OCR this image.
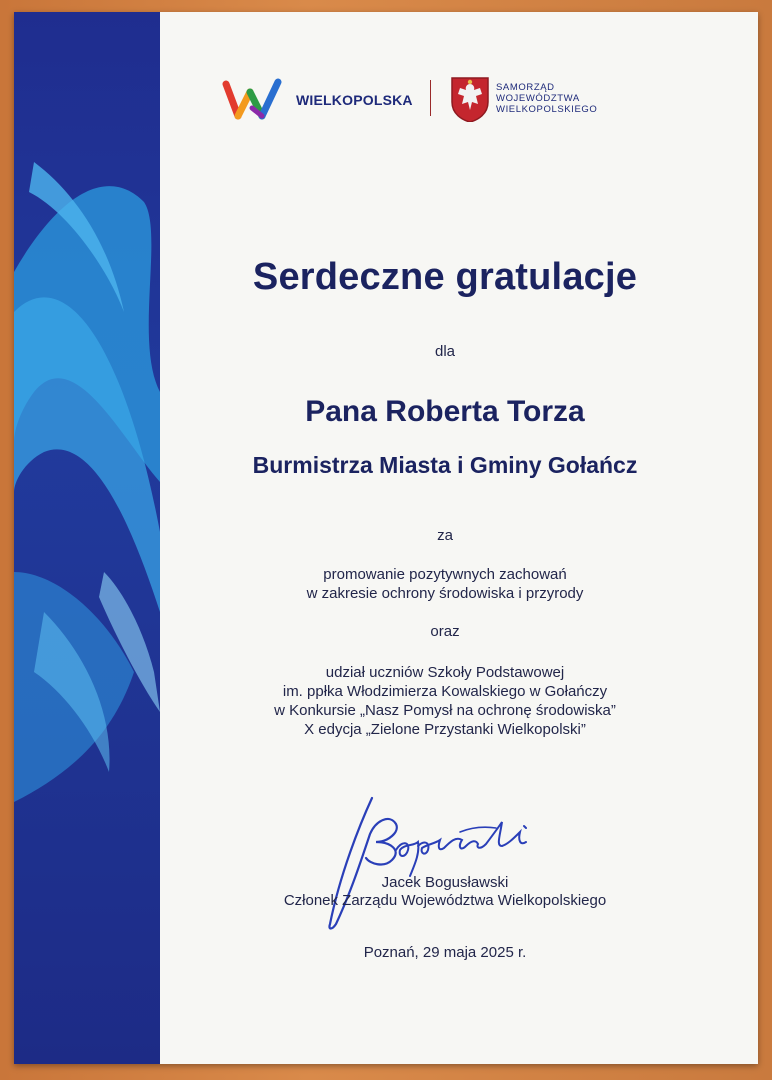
WIELKOPOLSKA
SAMORZĄD
WOJEWÓDZTWA
WIELKOPOLSKIEGO
Serdeczne gratulacje
dla
Pana Roberta Torza
Burmistrza Miasta i Gminy Gołańcz
za
promowanie pozytywnych zachowań
w zakresie ochrony środowiska i przyrody
oraz
udział uczniów Szkoły Podstawowej
im. ppłka Włodzimierza Kowalskiego w Gołańczy
w Konkursie „Nasz Pomysł na ochronę środowiska”
X edycja „Zielone Przystanki Wielkopolski”
Jacek Bogusławski
Członek Zarządu Województwa Wielkopolskiego
Poznań, 29 maja 2025 r.
